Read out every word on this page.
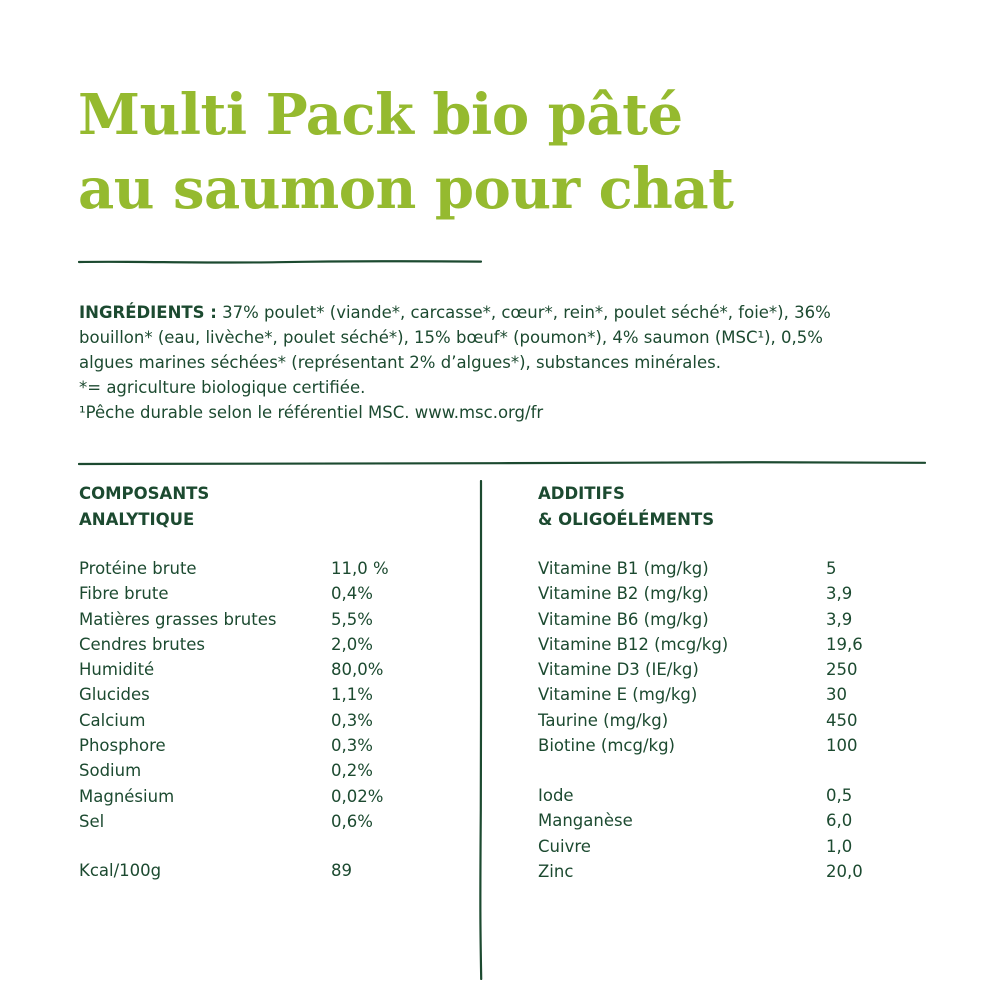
Multi Pack bio pâté
au saumon pour chat

INGRÉDIENTS : 37% poulet* (viande*, carcasse*, cœur*, rein*, poulet séché*, foie*), 36%

bouillon* (eau, livèche*, poulet séché*), 15% bœuf* (poumon*), 4% saumon (MSC¹), 0,5%

algues marines séchées* (représentant 2% d’algues*), substances minérales.

*= agriculture biologique certifiée.

¹Pêche durable selon le référentiel MSC. www.msc.org/fr

COMPOSANTS
ANALYTIQUE
Protéine brute	11,0 %
Fibre brute	0,4%
Matières grasses brutes	5,5%
Cendres brutes	2,0%
Humidité	80,0%
Glucides	1,1%
Calcium	0,3%
Phosphore	0,3%
Sodium	0,2%
Magnésium	0,02%
Sel	0,6%
Kcal/100g	89
ADDITIFS
& OLIGOÉLÉMENTS
Vitamine B1 (mg/kg)	5
Vitamine B2 (mg/kg)	3,9
Vitamine B6 (mg/kg)	3,9
Vitamine B12 (mcg/kg)	19,6
Vitamine D3 (IE/kg)	250
Vitamine E (mg/kg)	30
Taurine (mg/kg)	450
Biotine (mcg/kg)	100
Iode	0,5
Manganèse	6,0
Cuivre	1,0
Zinc	20,0
